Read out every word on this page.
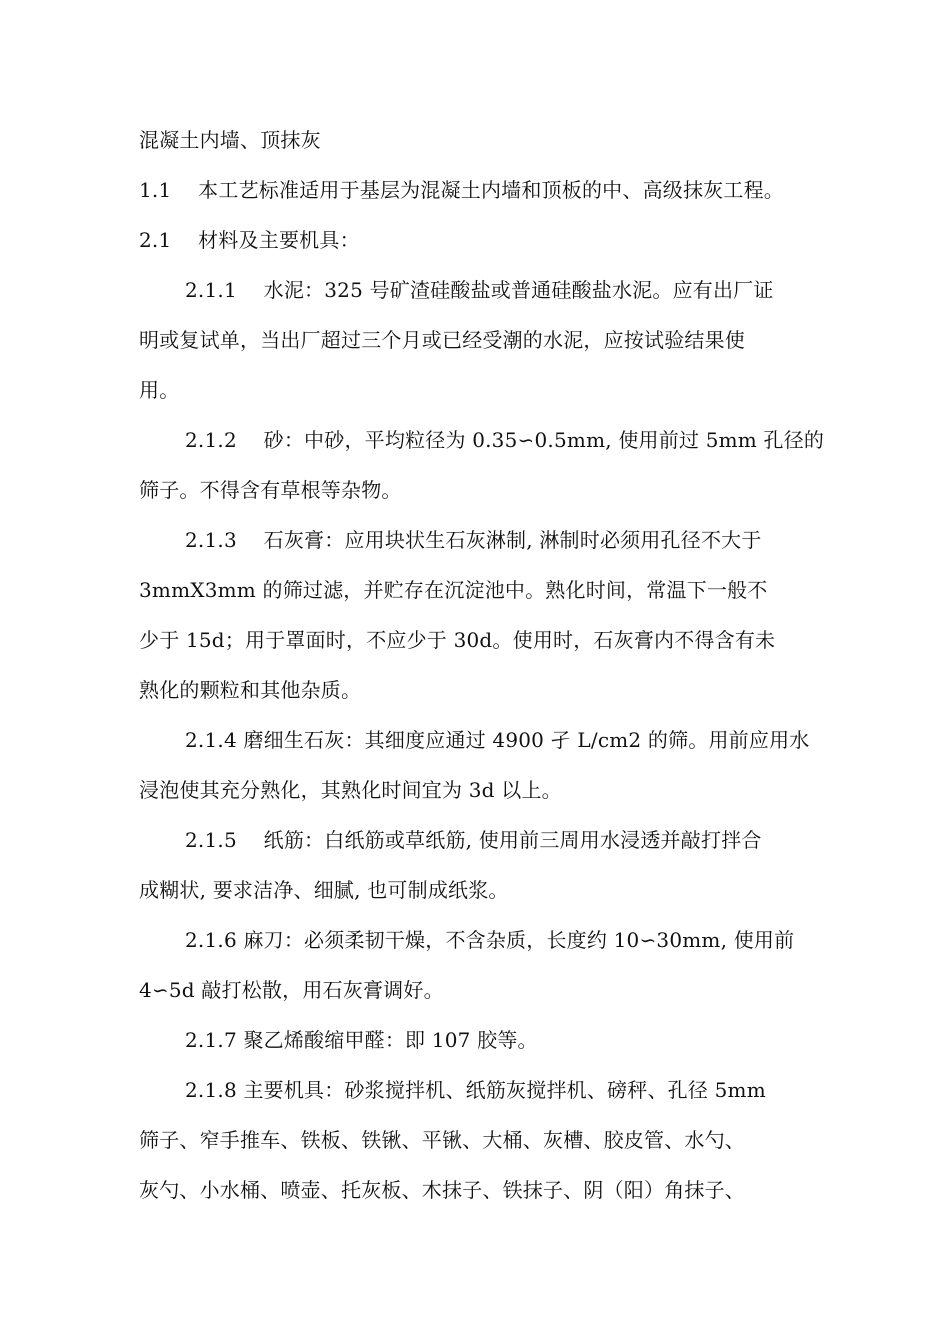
混凝土内墙、顶抹灰
1.1　 本工艺标准适用于基层为混凝土内墙和顶板的中、高级抹灰工程。
2.1　 材料及主要机具：
2.1.1　 水泥：325 号矿渣硅酸盐或普通硅酸盐水泥。应有出厂证
明或复试单，当出厂超过三个月或已经受潮的水泥，应按试验结果使
用。
2.1.2　 砂：中砂，平均粒径为 0.35∽0.5mm, 使用前过 5mm 孔径的
筛子。不得含有草根等杂物。
2.1.3　 石灰膏：应用块状生石灰淋制, 淋制时必须用孔径不大于
3mmX3mm 的筛过滤，并贮存在沉淀池中。熟化时间，常温下一般不
少于 15d；用于罩面时，不应少于 30d。使用时，石灰膏内不得含有未
熟化的颗粒和其他杂质。
2.1.4 磨细生石灰：其细度应通过 4900 孑 L/cm2 的筛。用前应用水
浸泡使其充分熟化，其熟化时间宜为 3d 以上。
2.1.5　 纸筋：白纸筋或草纸筋, 使用前三周用水浸透并敲打拌合
成糊状, 要求洁净、细腻, 也可制成纸浆。
2.1.6 麻刀：必须柔韧干燥，不含杂质，长度约 10∽30mm, 使用前
4∽5d 敲打松散，用石灰膏调好。
2.1.7 聚乙烯酸缩甲醛：即 107 胶等。
2.1.8 主要机具：砂浆搅拌机、纸筋灰搅拌机、磅秤、孔径 5mm
筛子、窄手推车、铁板、铁锹、平锹、大桶、灰槽、胶皮管、水勺、
灰勺、小水桶、喷壶、托灰板、木抹子、铁抹子、阴（阳）角抹子、
